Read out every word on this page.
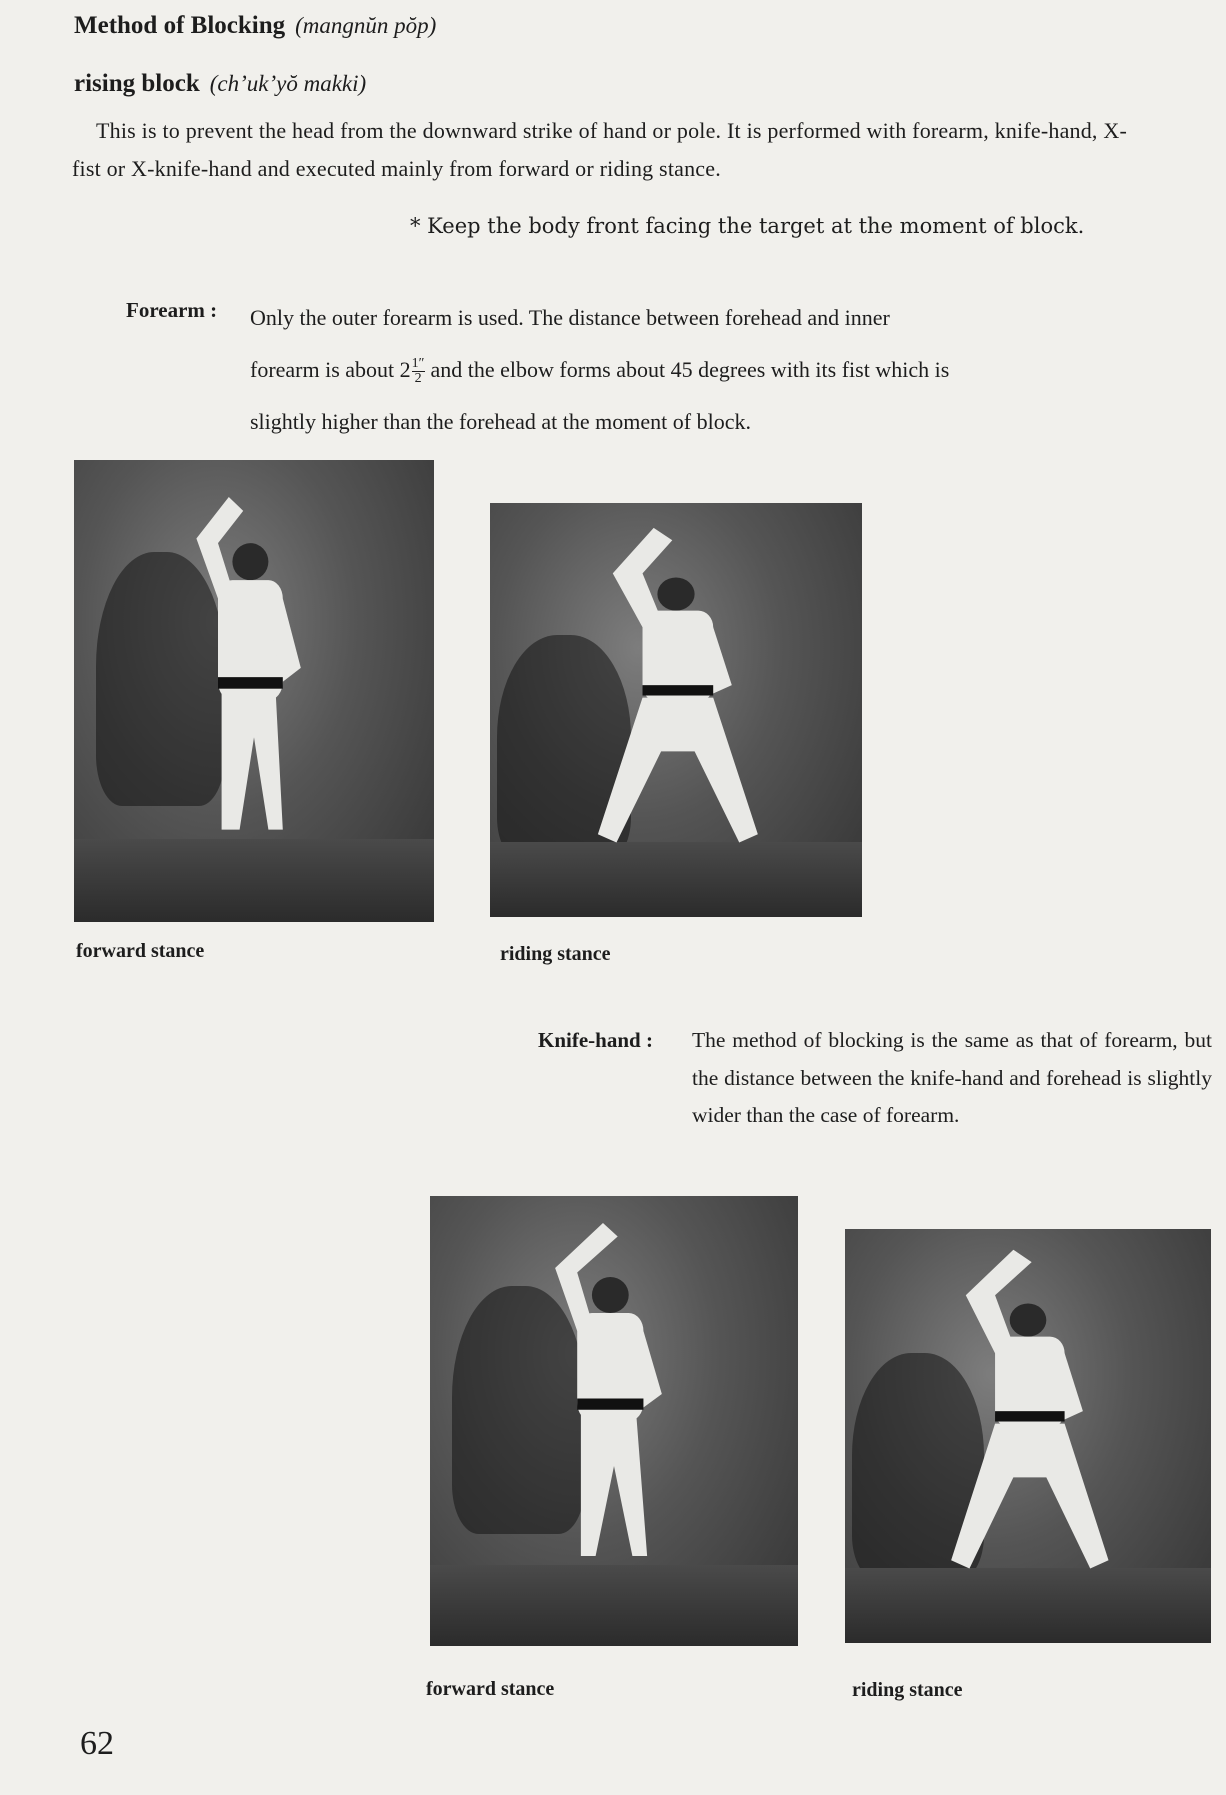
Method of Blocking (mangnŭn pŏp)
rising block (ch’uk’yŏ makki)

This is to prevent the head from the downward strike of hand or pole. It is performed with forearm, knife-hand, X-fist or X-knife-hand and executed mainly from forward or riding stance.

* Keep the body front facing the target at the moment of block.
Forearm : Only the outer forearm is used. The distance between forehead and inner
forearm is about $2 \frac{1''}{2}$ and the elbow forms about 45 degrees with its fist which is
slightly higher than the forehead at the moment of block.
forward stance	riding stance
Knife-hand : The method of blocking is the same as that of forearm, but the distance between the knife-hand and forehead is slightly wider than the case of forearm.
forward stance	riding stance
62
